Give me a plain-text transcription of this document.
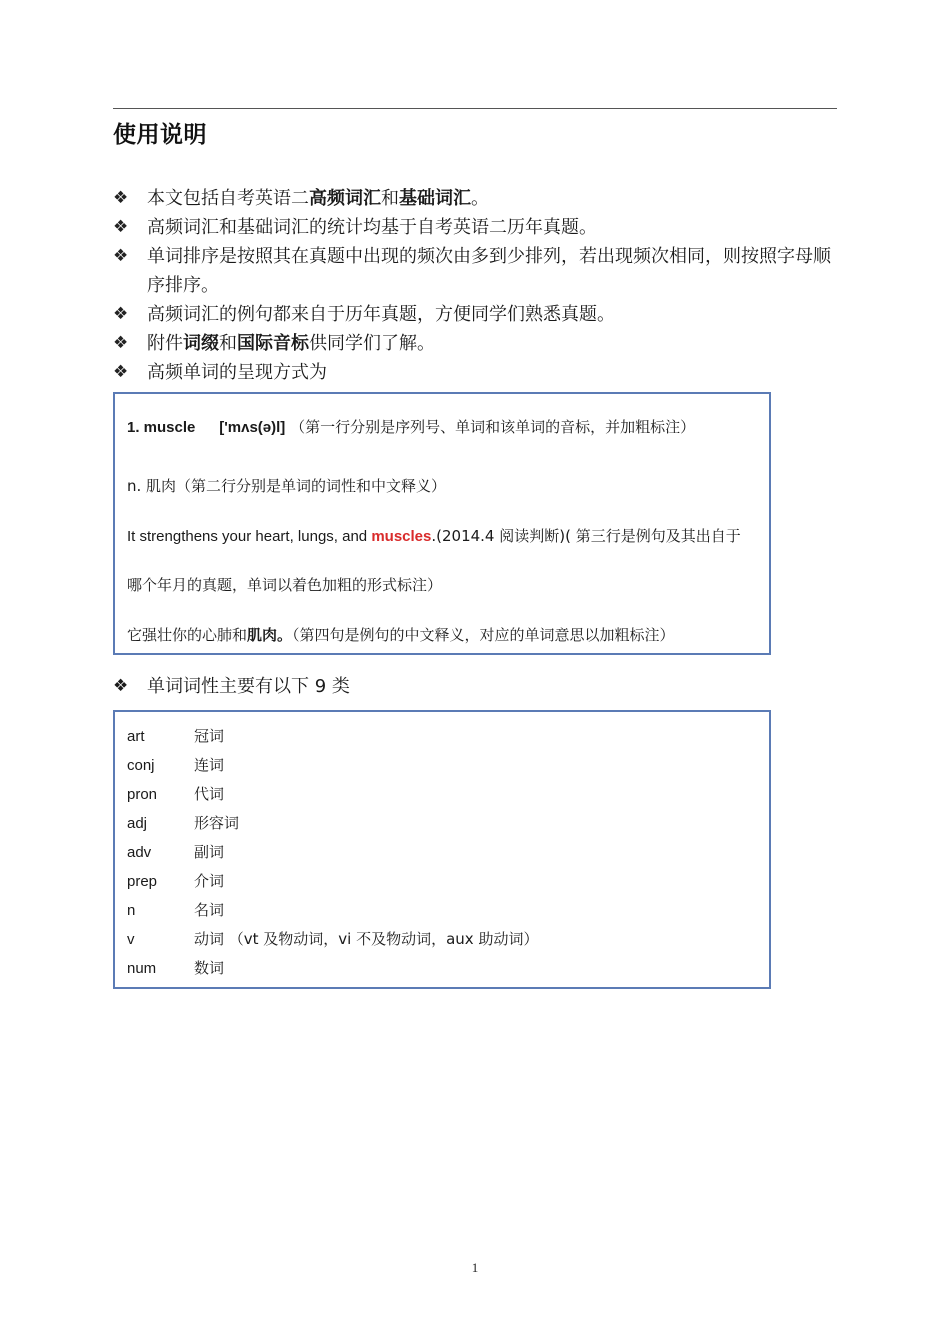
使用说明
❖ 本文包括自考英语二高频词汇和基础词汇。
❖ 高频词汇和基础词汇的统计均基于自考英语二历年真题。
❖ 单词排序是按照其在真题中出现的频次由多到少排列，若出现频次相同，则按照字母顺序排序。
❖ 高频词汇的例句都来自于历年真题，方便同学们熟悉真题。
❖ 附件词缀和国际音标供同学们了解。
❖ 高频单词的呈现方式为
1. muscle ['mʌs(ə)l] （第一行分别是序列号、单词和该单词的音标，并加粗标注）
n. 肌肉（第二行分别是单词的词性和中文释义）
It strengthens your heart, lungs, and muscles.(2014.4 阅读判断)( 第三行是例句及其出自于
哪个年月的真题，单词以着色加粗的形式标注）
它强壮你的心肺和肌肉。（第四句是例句的中文释义，对应的单词意思以加粗标注）
❖ 单词词性主要有以下 9 类
art	冠词
conj	连词
pron	代词
adj	形容词
adv	副词
prep	介词
n	名词
v	动词 （vt 及物动词，vi 不及物动词，aux 助动词）
num	数词
1
